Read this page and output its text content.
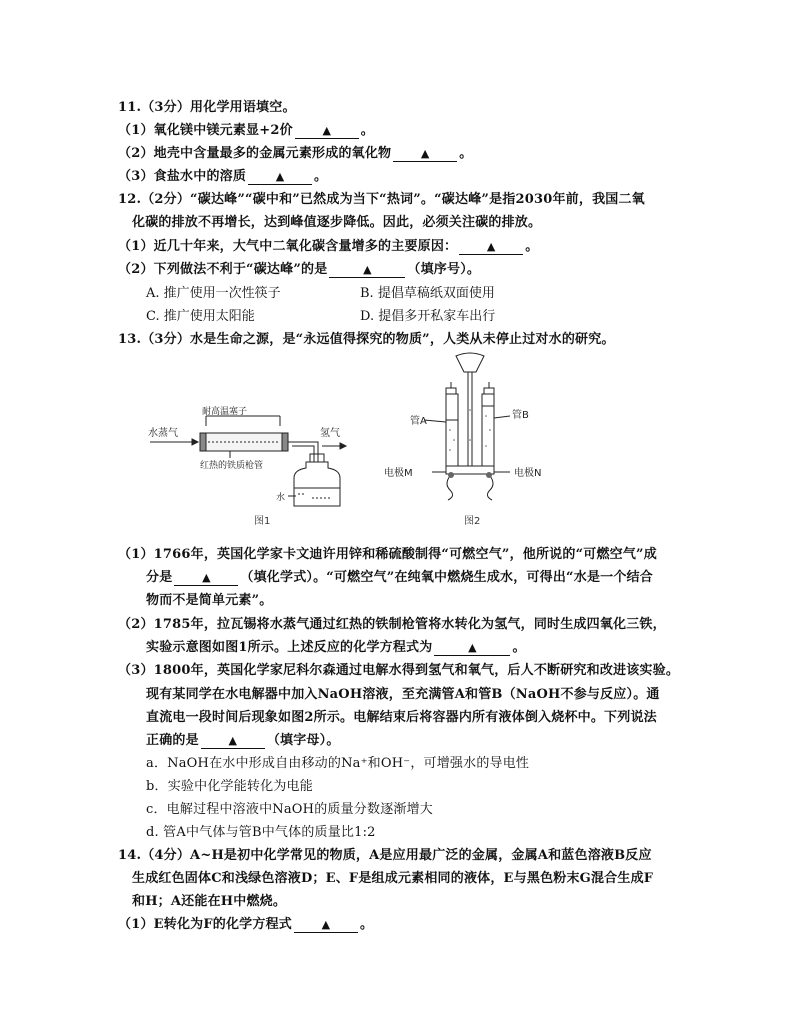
11.（3分）用化学用语填空。
（1）氧化镁中镁元素显+2价	▲ 。
（2）地壳中含量最多的金属元素形成的氧化物	▲ 。
（3）食盐水中的溶质	▲ 。
12.（2分）“碳达峰”“碳中和”已然成为当下“热词”。“碳达峰”是指2030年前，我国二氧
化碳的排放不再增长，达到峰值逐步降低。因此，必须关注碳的排放。
（1）近几十年来，大气中二氧化碳含量增多的主要原因：	▲ 。
（2）下列做法不利于“碳达峰”的是	▲	（填序号）。
A. 推广使用一次性筷子	B. 提倡草稿纸双面使用
C. 推广使用太阳能	D. 提倡多开私家车出行
13.（3分）水是生命之源，是“永远值得探究的物质”，人类从未停止过对水的研究。
耐高温塞子
水蒸气
红热的铁质枪管
氢气
水
图1
管A
管B
电极M	电极N
图2
（1）1766年，英国化学家卡文迪许用锌和稀硫酸制得“可燃空气”，他所说的“可燃空气”成
分是	▲ （填化学式）。“可燃空气”在纯氧中燃烧生成水，可得出“水是一个结合
物而不是简单元素”。
（2）1785年，拉瓦锡将水蒸气通过红热的铁制枪管将水转化为氢气，同时生成四氧化三铁，
实验示意图如图1所示。上述反应的化学方程式为	▲	。
（3）1800年，英国化学家尼科尔森通过电解水得到氢气和氧气，后人不断研究和改进该实验。
现有某同学在水电解器中加入NaOH溶液，至充满管A和管B（NaOH不参与反应）。通
直流电一段时间后现象如图2所示。电解结束后将容器内所有液体倒入烧杯中。下列说法
正确的是	▲ （填字母）。
a．NaOH在水中形成自由移动的Na⁺和OH⁻，可增强水的导电性
b．实验中化学能转化为电能
c．电解过程中溶液中NaOH的质量分数逐渐增大
d. 管A中气体与管B中气体的质量比1:2
14.（4分）A~H是初中化学常见的物质，A是应用最广泛的金属，金属A和蓝色溶液B反应
生成红色固体C和浅绿色溶液D；E、F是组成元素相同的液体，E与黑色粉末G混合生成F
和H；A还能在H中燃烧。
（1）E转化为F的化学方程式	▲ 。
